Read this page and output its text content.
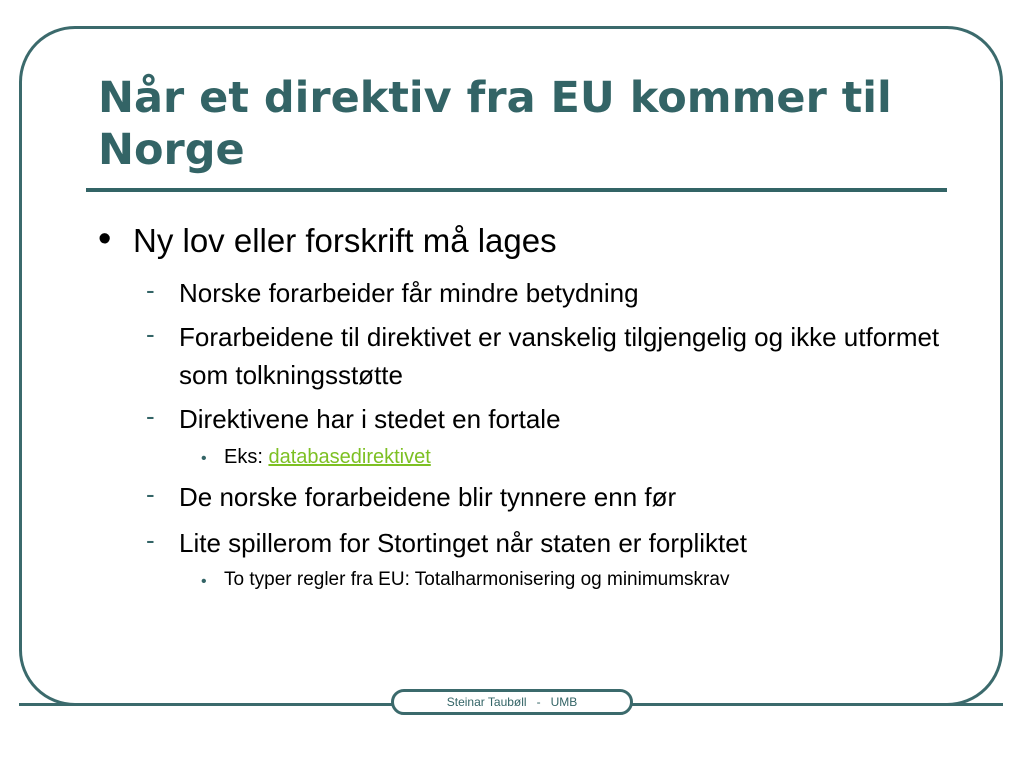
Når et direktiv fra EU kommer til Norge
• Ny lov eller forskrift må lages
- Norske forarbeider får mindre betydning
- Forarbeidene til direktivet er vanskelig tilgjengelig og ikke utformet som tolkningsstøtte
- Direktivene har i stedet en fortale
• Eks: databasedirektivet
- De norske forarbeidene blir tynnere enn før
- Lite spillerom for Stortinget når staten er forpliktet
• To typer regler fra EU: Totalharmonisering og minimumskrav
Steinar Taubøll   -   UMB
